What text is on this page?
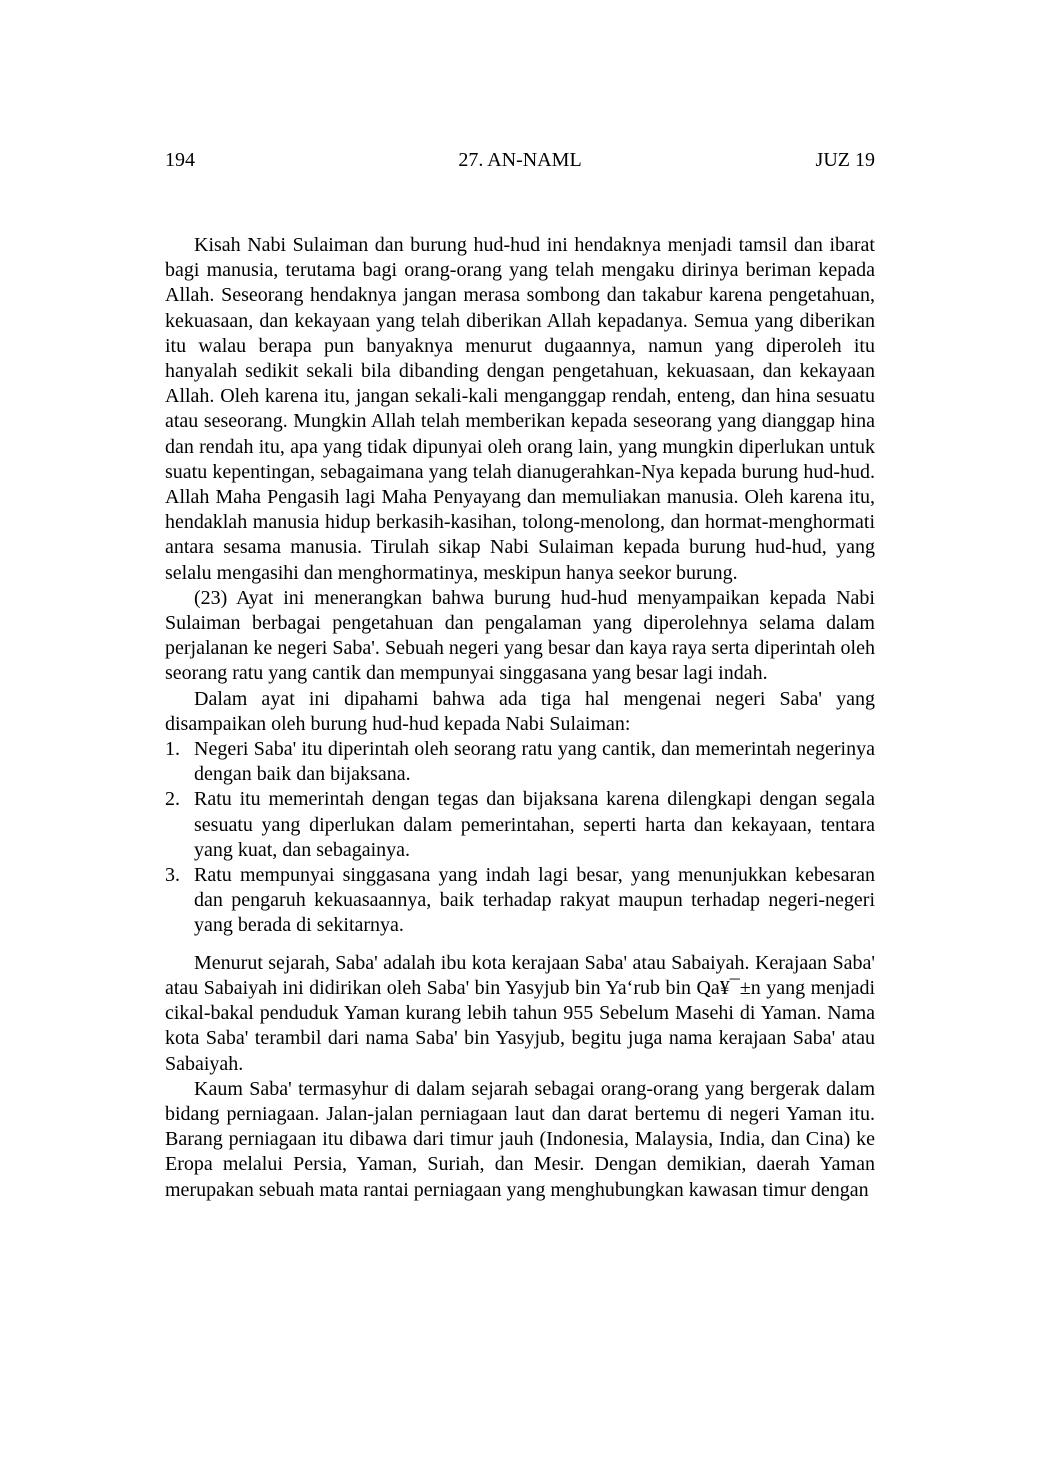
194	27. AN-NAML	JUZ 19

Kisah Nabi Sulaiman dan burung hud-hud ini hendaknya menjadi tamsil dan ibarat bagi manusia, terutama bagi orang-orang yang telah mengaku dirinya beriman kepada Allah. Seseorang hendaknya jangan merasa sombong dan takabur karena pengetahuan, kekuasaan, dan kekayaan yang telah diberikan Allah kepadanya. Semua yang diberikan itu walau berapa pun banyaknya menurut dugaannya, namun yang diperoleh itu hanyalah sedikit sekali bila dibanding dengan pengetahuan, kekuasaan, dan kekayaan Allah. Oleh karena itu, jangan sekali-kali menganggap rendah, enteng, dan hina sesuatu atau seseorang. Mungkin Allah telah memberikan kepada seseorang yang dianggap hina dan rendah itu, apa yang tidak dipunyai oleh orang lain, yang mungkin diperlukan untuk suatu kepentingan, sebagaimana yang telah dianugerahkan-Nya kepada burung hud-hud. Allah Maha Pengasih lagi Maha Penyayang dan memuliakan manusia. Oleh karena itu, hendaklah manusia hidup berkasih-kasihan, tolong-menolong, dan hormat-menghormati antara sesama manusia. Tirulah sikap Nabi Sulaiman kepada burung hud-hud, yang selalu mengasihi dan menghormatinya, meskipun hanya seekor burung.

(23) Ayat ini menerangkan bahwa burung hud-hud menyampaikan kepada Nabi Sulaiman berbagai pengetahuan dan pengalaman yang diperolehnya selama dalam perjalanan ke negeri Saba'. Sebuah negeri yang besar dan kaya raya serta diperintah oleh seorang ratu yang cantik dan mempunyai singgasana yang besar lagi indah.

Dalam ayat ini dipahami bahwa ada tiga hal mengenai negeri Saba' yang disampaikan oleh burung hud-hud kepada Nabi Sulaiman:

1. Negeri Saba' itu diperintah oleh seorang ratu yang cantik, dan memerintah negerinya dengan baik dan bijaksana.
2. Ratu itu memerintah dengan tegas dan bijaksana karena dilengkapi dengan segala sesuatu yang diperlukan dalam pemerintahan, seperti harta dan kekayaan, tentara yang kuat, dan sebagainya.
3. Ratu mempunyai singgasana yang indah lagi besar, yang menunjukkan kebesaran dan pengaruh kekuasaannya, baik terhadap rakyat maupun terhadap negeri-negeri yang berada di sekitarnya.

Menurut sejarah, Saba' adalah ibu kota kerajaan Saba' atau Sabaiyah. Kerajaan Saba' atau Sabaiyah ini didirikan oleh Saba' bin Yasyjub bin Ya‘rub bin Qa¥¯±n yang menjadi cikal-bakal penduduk Yaman kurang lebih tahun 955 Sebelum Masehi di Yaman. Nama kota Saba' terambil dari nama Saba' bin Yasyjub, begitu juga nama kerajaan Saba' atau Sabaiyah.

Kaum Saba' termasyhur di dalam sejarah sebagai orang-orang yang bergerak dalam bidang perniagaan. Jalan-jalan perniagaan laut dan darat bertemu di negeri Yaman itu. Barang perniagaan itu dibawa dari timur jauh (Indonesia, Malaysia, India, dan Cina) ke Eropa melalui Persia, Yaman, Suriah, dan Mesir. Dengan demikian, daerah Yaman merupakan sebuah mata rantai perniagaan yang menghubungkan kawasan timur dengan
